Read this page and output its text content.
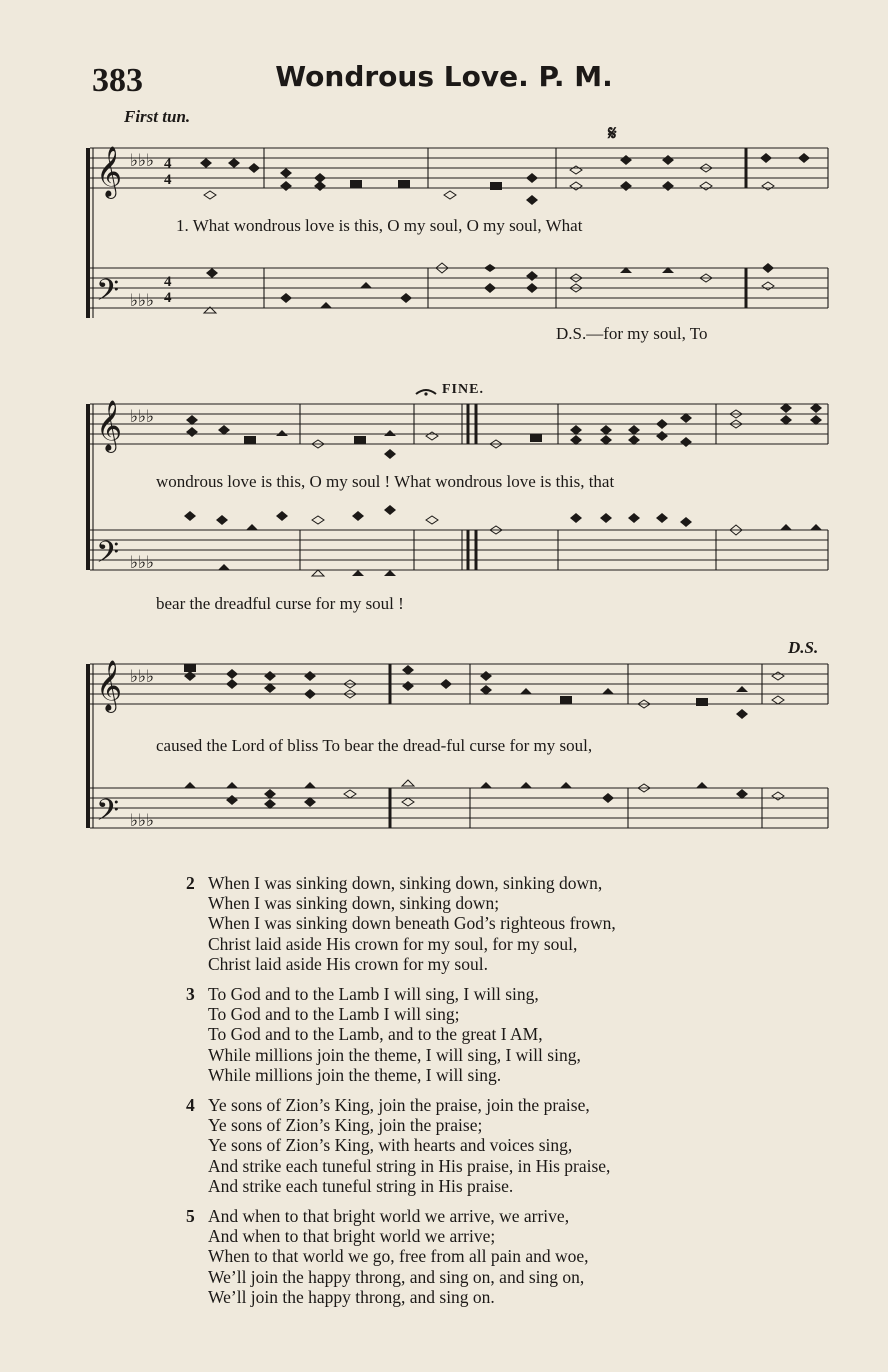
383	Wondrous Love. P. M.
First tun.
𝄞 ♭♭♭ 4
4
𝄢 ♭♭♭
4
4
𝄋
1. What wondrous love is this, O my soul, O my soul, What
D.S.—for my soul, To
𝄞 ♭♭♭
𝄢 ♭♭♭
FINE.
wondrous love is this, O my soul ! What wondrous love is this, that
bear the dreadful curse for my soul !
𝄞 ♭♭♭
𝄢 ♭♭♭
D.S.
caused the Lord of bliss To bear the dread-ful curse for my soul,
2 When I was sinking down, sinking down, sinking down,
When I was sinking down, sinking down;
When I was sinking down beneath God’s righteous frown,
Christ laid aside His crown for my soul, for my soul,
Christ laid aside His crown for my soul.
3 To God and to the Lamb I will sing, I will sing,
To God and to the Lamb I will sing;
To God and to the Lamb, and to the great I AM,
While millions join the theme, I will sing, I will sing,
While millions join the theme, I will sing.
4 Ye sons of Zion’s King, join the praise, join the praise,
Ye sons of Zion’s King, join the praise;
Ye sons of Zion’s King, with hearts and voices sing,
And strike each tuneful string in His praise, in His praise,
And strike each tuneful string in His praise.
5 And when to that bright world we arrive, we arrive,
And when to that bright world we arrive;
When to that world we go, free from all pain and woe,
We’ll join the happy throng, and sing on, and sing on,
We’ll join the happy throng, and sing on.
